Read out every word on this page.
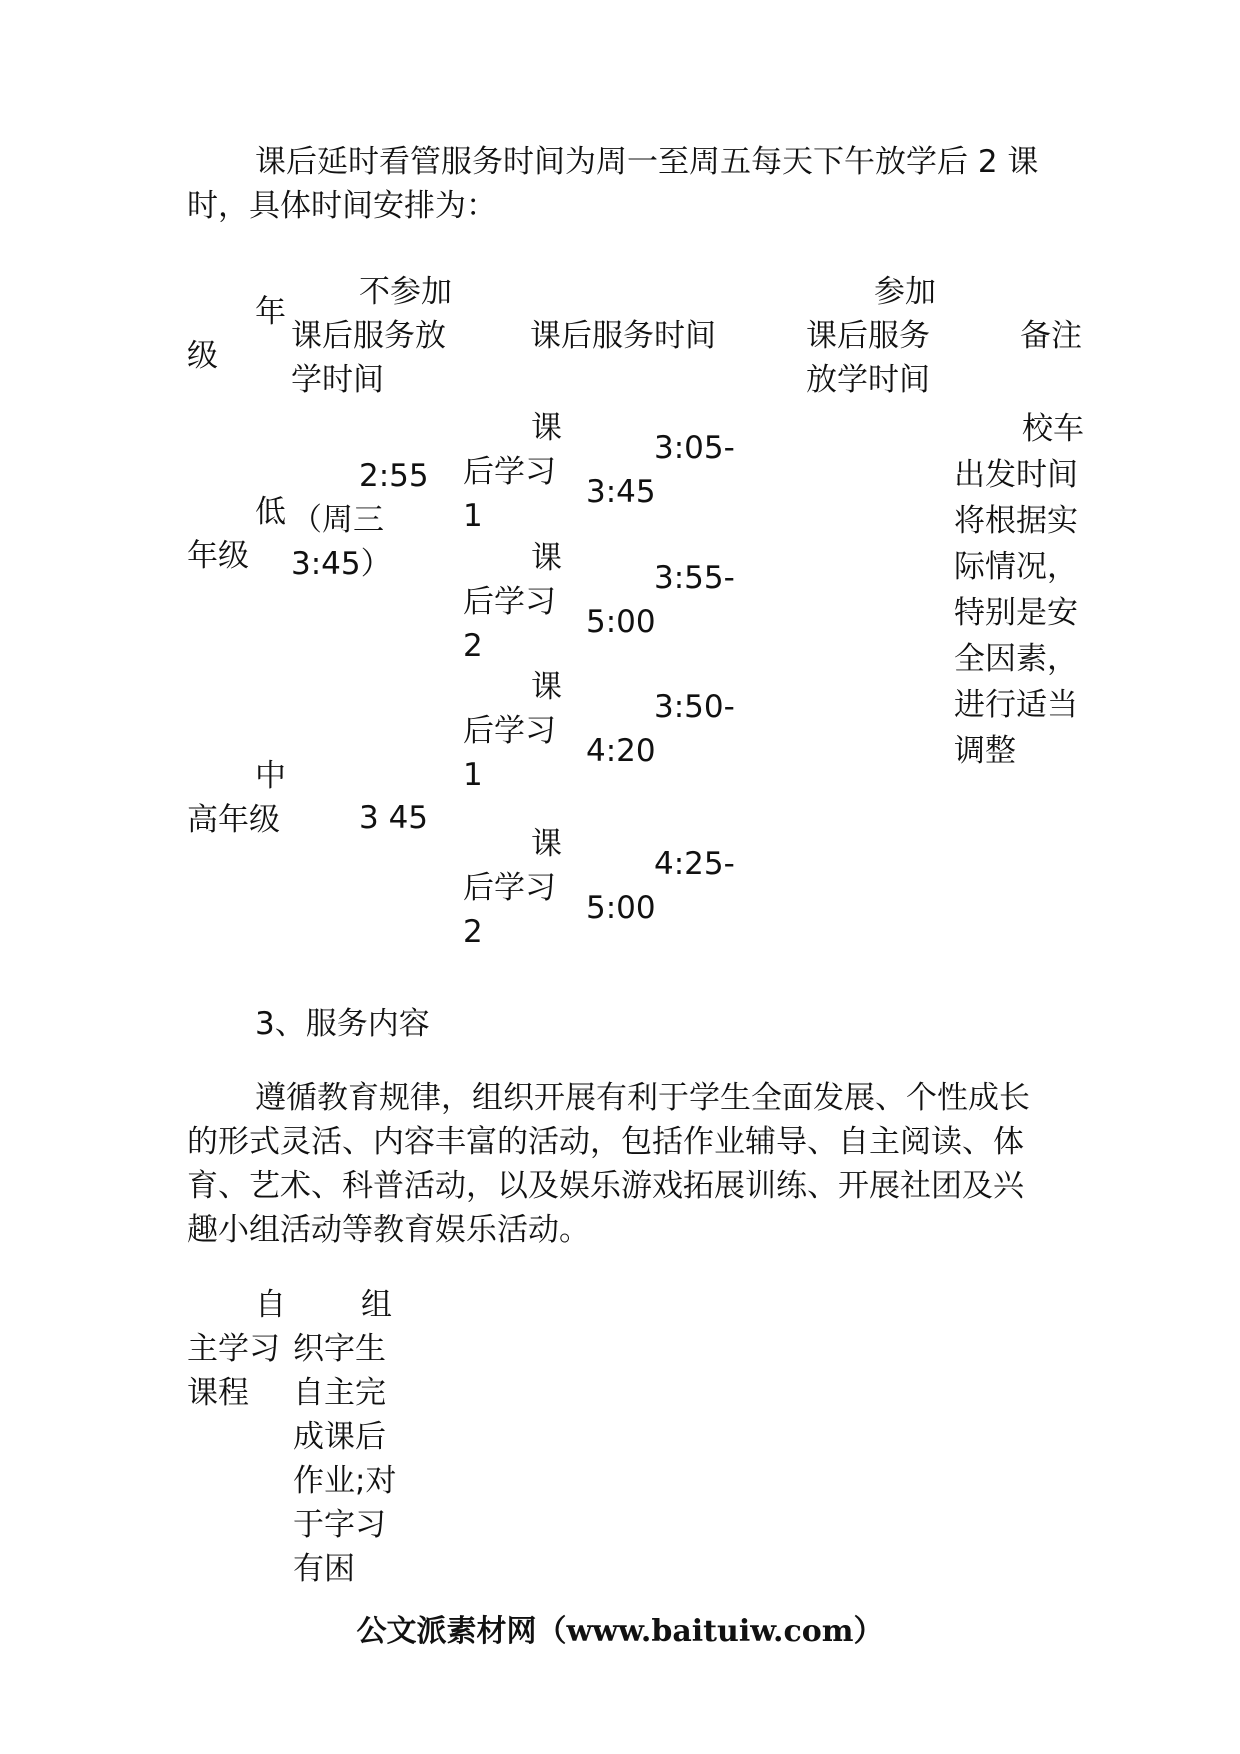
课后延时看管服务时间为周一至周五每天下午放学后 2 课时，具体时间安排为：
年级
不参加课后服务放学时间
课后服务时间
参加课后服务放学时间
备注
低年级
2:55 （周三 3:45）
课后学习 1
3:05-3:45
课后学习 2
3:55-5:00
中高年级	3 45
课后学习 1
3:50-4:20
课后学习 2
4:25-5:00
校车出发时间将根据实际情况，特别是安全因素，进行适当调整
3、服务内容
遵循教育规律，组织开展有利于学生全面发展、个性成长的形式灵活、内容丰富的活动，包括作业辅导、自主阅读、体育、艺术、科普活动，以及娱乐游戏拓展训练、开展社团及兴趣小组活动等教育娱乐活动。
自主学习课程
组织字生自主完成课后作业;对于字习有困
公文派素材网（www.baituiw.com）
